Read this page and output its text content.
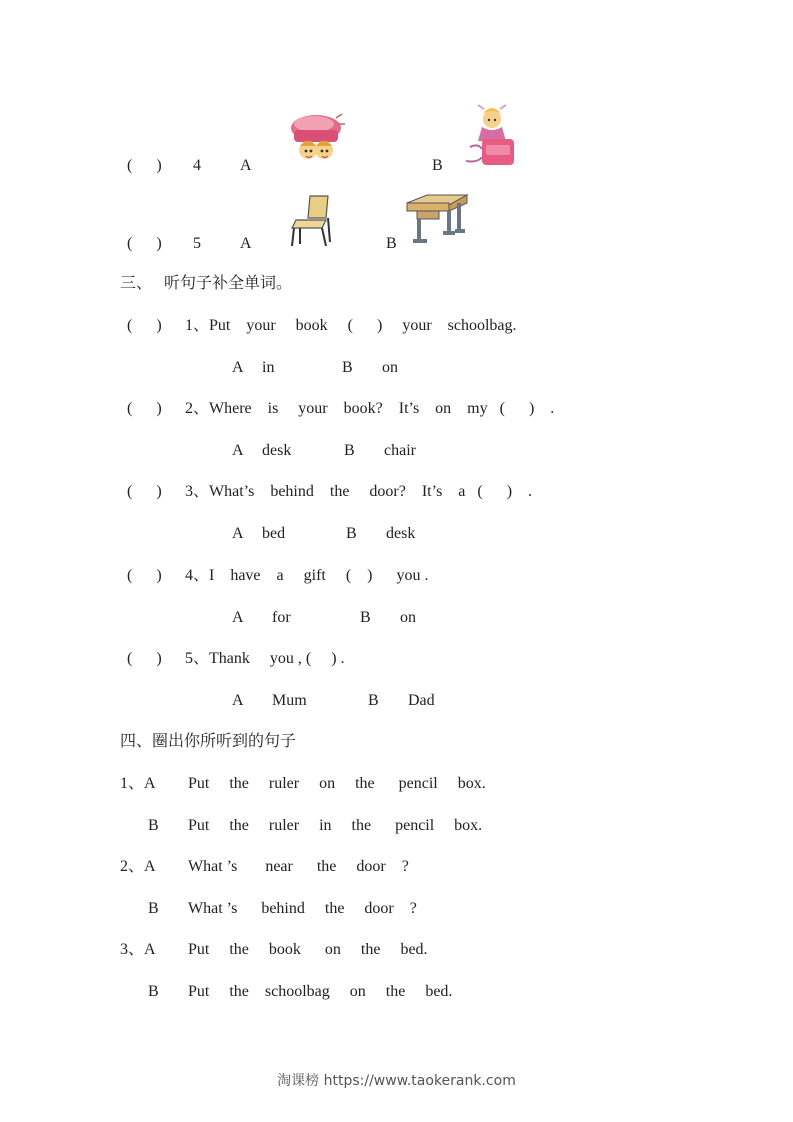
(      ) 4 A	B
(      ) 5 A	B
三、   听句子补全单词。
(      ) 1、Put    your     book     (      )     your    schoolbag.
A in	B on
(      ) 2、Where    is     your    book?    It’s    on    my   (      )    .
A desk	B chair
(      ) 3、What’s    behind    the     door?    It’s    a   (      )    .
A bed	B desk
(      ) 4、I    have    a     gift     (    )      you .
A for	B on
(      ) 5、Thank     you , (     ) .
A Mum	B Dad
四、圈出你所听到的句子
1、A Put     the     ruler     on     the      pencil     box.
B Put     the     ruler     in     the      pencil     box.
2、A What ’s       near      the     door    ?
B What ’s      behind     the     door    ?
3、A Put     the     book      on     the     bed.
B Put     the    schoolbag     on     the     bed.
淘课榜 https://www.taokerank.com
